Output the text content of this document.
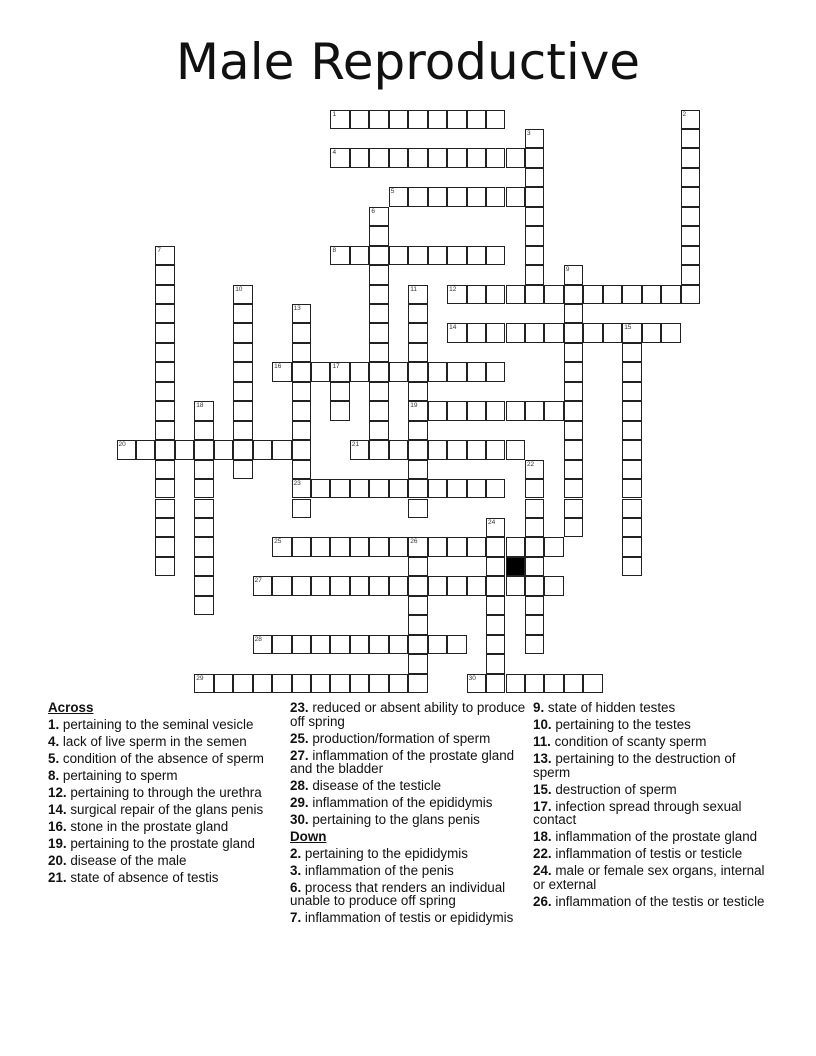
Male Reproductive
1
4
5
8
12
14	15
16	17
19
20	21
23
25	26
27
28
29	30
2
3
6
7
9
10	11
13
18
22
24
Across
1. pertaining to the seminal vesicle
4. lack of live sperm in the semen
5. condition of the absence of sperm
8. pertaining to sperm
12. pertaining to through the urethra
14. surgical repair of the glans penis
16. stone in the prostate gland
19. pertaining to the prostate gland
20. disease of the male
21. state of absence of testis
23. reduced or absent ability to produce off spring
25. production/formation of sperm
27. inflammation of the prostate gland and the bladder
28. disease of the testicle
29. inflammation of the epididymis
30. pertaining to the glans penis
Down
2. pertaining to the epididymis
3. inflammation of the penis
6. process that renders an individual unable to produce off spring
7. inflammation of testis or epididymis
9. state of hidden testes
10. pertaining to the testes
11. condition of scanty sperm
13. pertaining to the destruction of sperm
15. destruction of sperm
17. infection spread through sexual contact
18. inflammation of the prostate gland
22. inflammation of testis or testicle
24. male or female sex organs, internal or external
26. inflammation of the testis or testicle
